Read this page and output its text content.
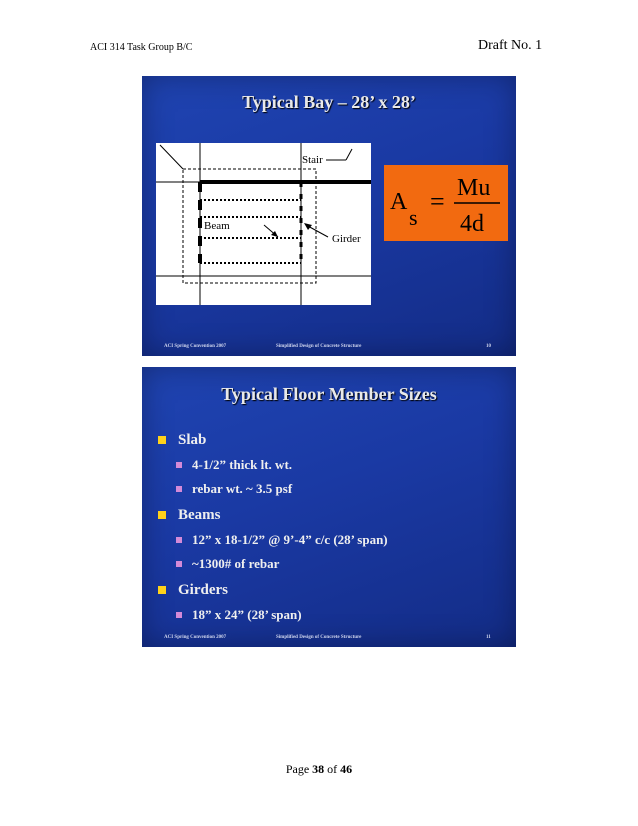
ACI 314 Task Group B/C	Draft No. 1
Typical Bay – 28’ x 28’
Stair
Beam
Girder
A
s
= Mu
4d
ACI Spring Convention 2007	Simplified Design of Concrete Structure	10
Typical Floor Member Sizes
Slab
4-1/2” thick lt. wt.
rebar wt. ~ 3.5 psf
Beams
12” x 18-1/2” @ 9’-4” c/c (28’ span)
~1300# of rebar
Girders
18” x 24” (28’ span)
ACI Spring Convention 2007	Simplified Design of Concrete Structure	11
Page 38 of 46
